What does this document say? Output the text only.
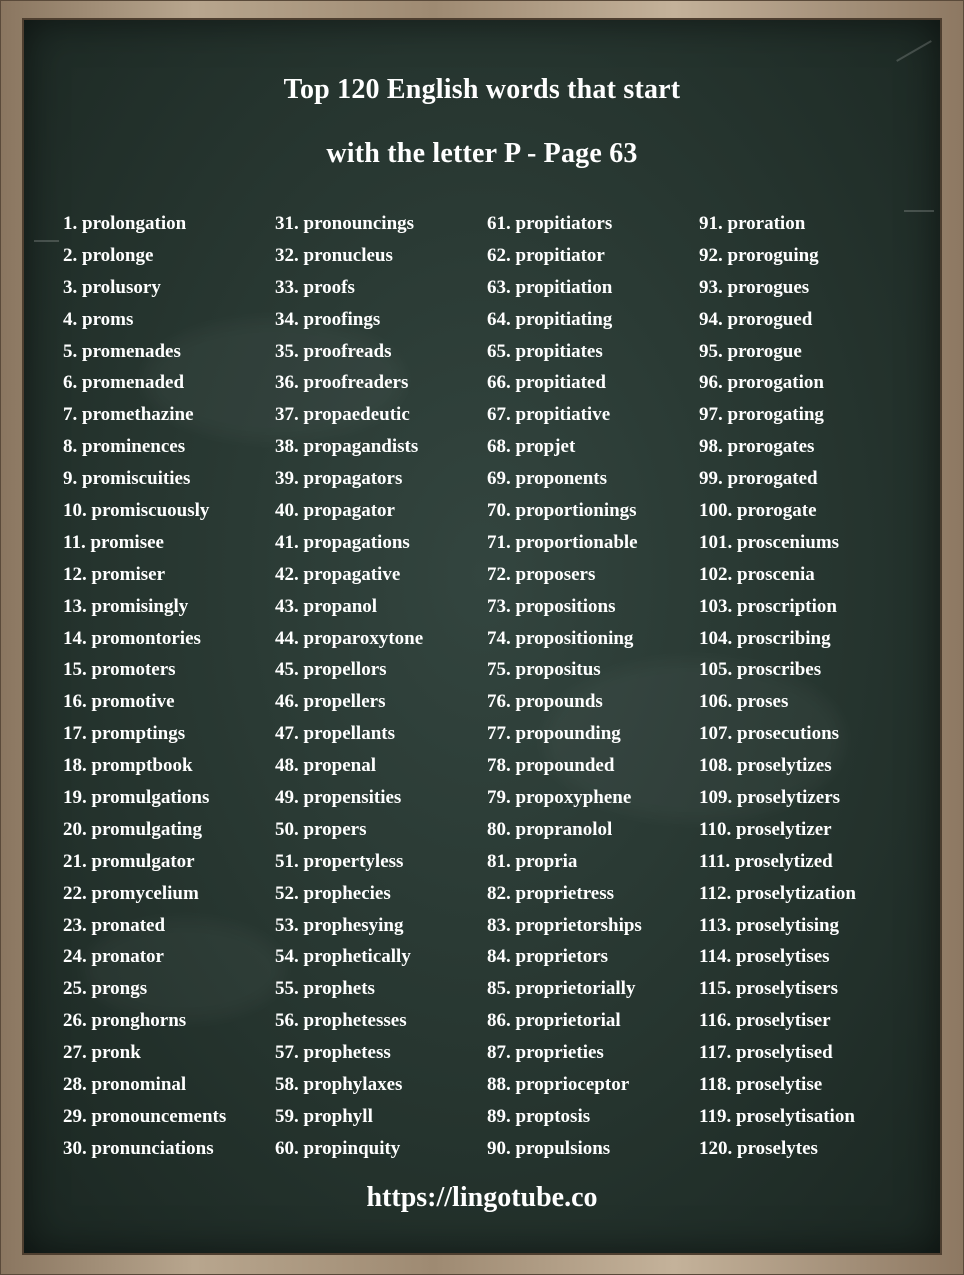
Top 120 English words that start
with the letter P - Page 63
1. prolongation
2. prolonge
3. prolusory
4. proms
5. promenades
6. promenaded
7. promethazine
8. prominences
9. promiscuities
10. promiscuously
11. promisee
12. promiser
13. promisingly
14. promontories
15. promoters
16. promotive
17. promptings
18. promptbook
19. promulgations
20. promulgating
21. promulgator
22. promycelium
23. pronated
24. pronator
25. prongs
26. pronghorns
27. pronk
28. pronominal
29. pronouncements
30. pronunciations
31. pronouncings
32. pronucleus
33. proofs
34. proofings
35. proofreads
36. proofreaders
37. propaedeutic
38. propagandists
39. propagators
40. propagator
41. propagations
42. propagative
43. propanol
44. proparoxytone
45. propellors
46. propellers
47. propellants
48. propenal
49. propensities
50. propers
51. propertyless
52. prophecies
53. prophesying
54. prophetically
55. prophets
56. prophetesses
57. prophetess
58. prophylaxes
59. prophyll
60. propinquity
61. propitiators
62. propitiator
63. propitiation
64. propitiating
65. propitiates
66. propitiated
67. propitiative
68. propjet
69. proponents
70. proportionings
71. proportionable
72. proposers
73. propositions
74. propositioning
75. propositus
76. propounds
77. propounding
78. propounded
79. propoxyphene
80. propranolol
81. propria
82. proprietress
83. proprietorships
84. proprietors
85. proprietorially
86. proprietorial
87. proprieties
88. proprioceptor
89. proptosis
90. propulsions
91. proration
92. proroguing
93. prorogues
94. prorogued
95. prorogue
96. prorogation
97. prorogating
98. prorogates
99. prorogated
100. prorogate
101. prosceniums
102. proscenia
103. proscription
104. proscribing
105. proscribes
106. proses
107. prosecutions
108. proselytizes
109. proselytizers
110. proselytizer
111. proselytized
112. proselytization
113. proselytising
114. proselytises
115. proselytisers
116. proselytiser
117. proselytised
118. proselytise
119. proselytisation
120. proselytes
https://lingotube.co
